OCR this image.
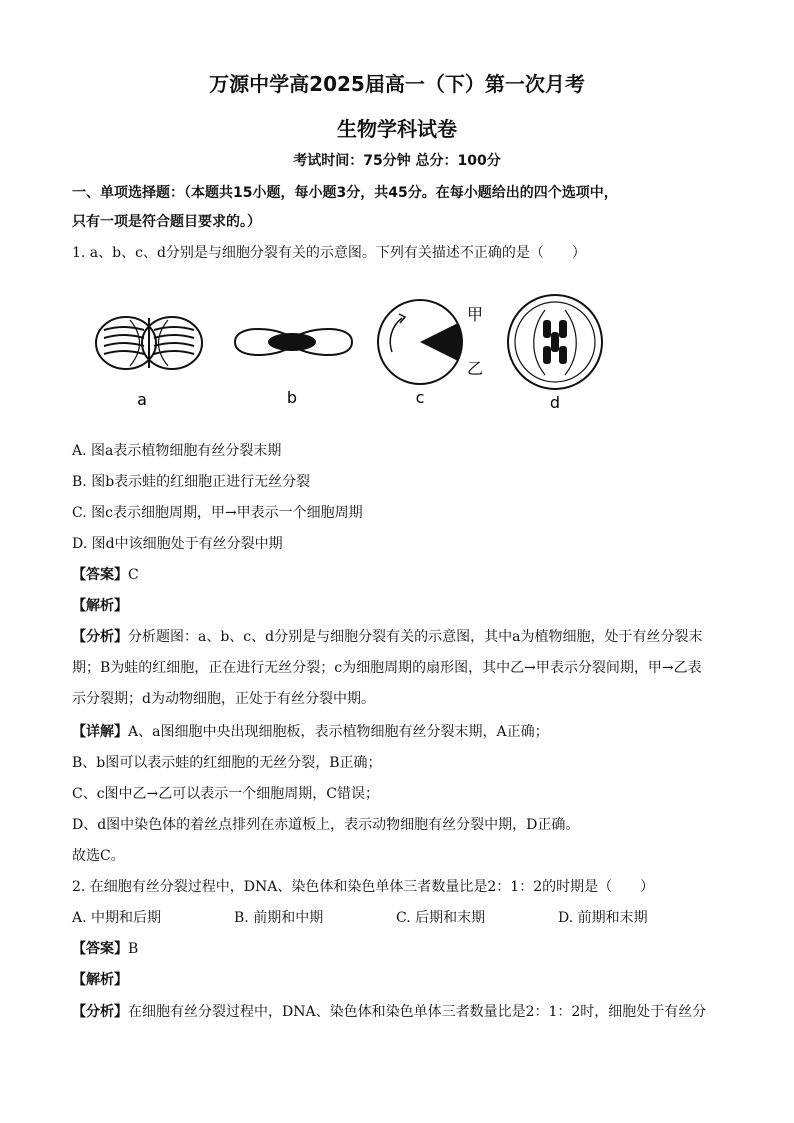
万源中学高2025届高一（下）第一次月考
生物学科试卷
考试时间：75分钟 总分：100分
一、单项选择题：（本题共15小题，每小题3分，共45分。在每小题给出的四个选项中，
只有一项是符合题目要求的。）
1. a、b、c、d分别是与细胞分裂有关的示意图。下列有关描述不正确的是（　　）
甲
乙
a	b	c	d
A. 图a表示植物细胞有丝分裂末期
B. 图b表示蛙的红细胞正进行无丝分裂
C. 图c表示细胞周期，甲→甲表示一个细胞周期
D. 图d中该细胞处于有丝分裂中期
【答案】C
【解析】
【分析】分析题图：a、b、c、d分别是与细胞分裂有关的示意图，其中a为植物细胞，处于有丝分裂末
期；B为蛙的红细胞，正在进行无丝分裂；c为细胞周期的扇形图，其中乙→甲表示分裂间期，甲→乙表
示分裂期；d为动物细胞，正处于有丝分裂中期。
【详解】A、a图细胞中央出现细胞板，表示植物细胞有丝分裂末期，A正确；
B、b图可以表示蛙的红细胞的无丝分裂，B正确；
C、c图中乙→乙可以表示一个细胞周期，C错误；
D、d图中染色体的着丝点排列在赤道板上，表示动物细胞有丝分裂中期，D正确。
故选C。
2. 在细胞有丝分裂过程中，DNA、染色体和染色单体三者数量比是2：1：2的时期是（　　）
A. 中期和后期	B. 前期和中期	C. 后期和末期	D. 前期和末期
【答案】B
【解析】
【分析】在细胞有丝分裂过程中，DNA、染色体和染色单体三者数量比是2：1：2时，细胞处于有丝分
